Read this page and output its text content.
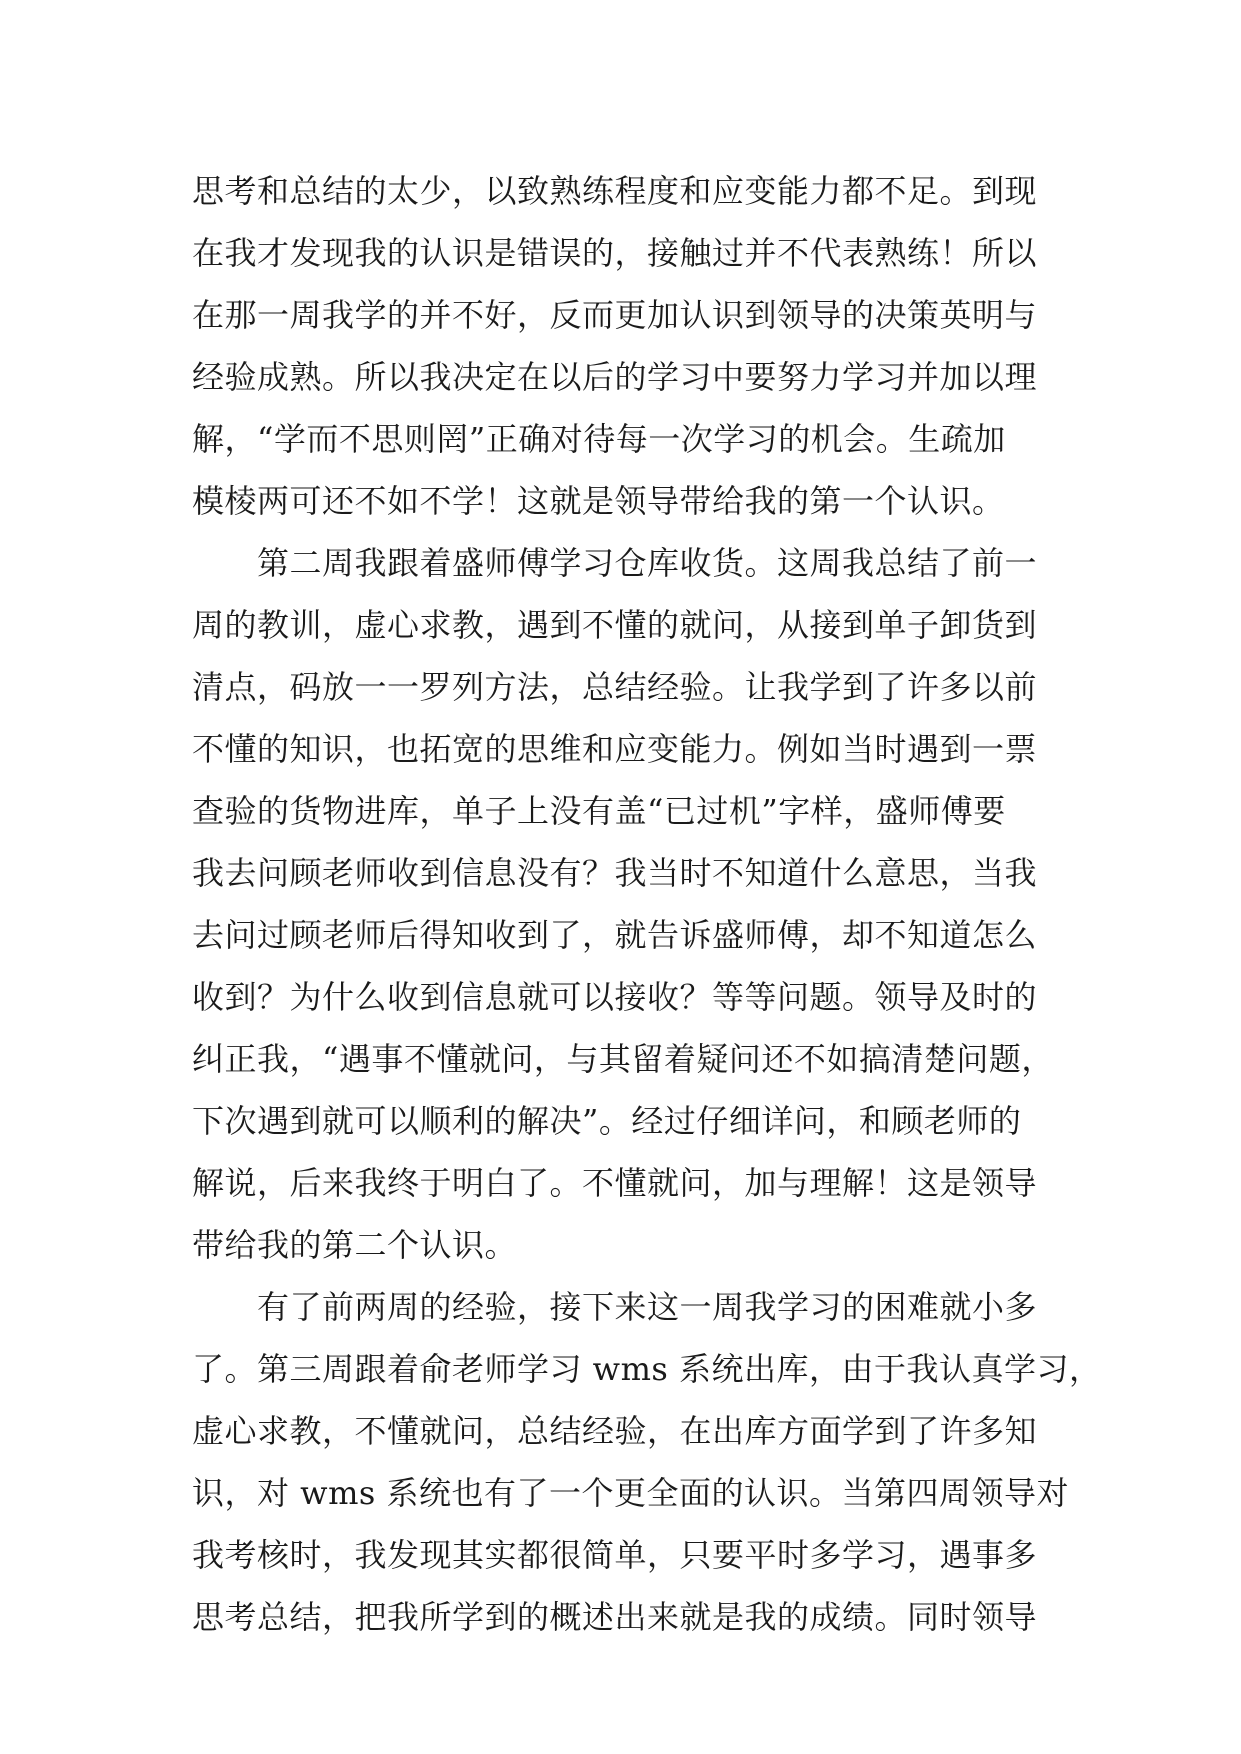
思考和总结的太少，以致熟练程度和应变能力都不足。到现
在我才发现我的认识是错误的，接触过并不代表熟练！所以
在那一周我学的并不好，反而更加认识到领导的决策英明与
经验成熟。所以我决定在以后的学习中要努力学习并加以理
解，“学而不思则罔”正确对待每一次学习的机会。生疏加
模棱两可还不如不学！这就是领导带给我的第一个认识。
　　第二周我跟着盛师傅学习仓库收货。这周我总结了前一
周的教训，虚心求教，遇到不懂的就问，从接到单子卸货到
清点，码放一一罗列方法，总结经验。让我学到了许多以前
不懂的知识，也拓宽的思维和应变能力。例如当时遇到一票
查验的货物进库，单子上没有盖“已过机”字样，盛师傅要
我去问顾老师收到信息没有？我当时不知道什么意思，当我
去问过顾老师后得知收到了，就告诉盛师傅，却不知道怎么
收到？为什么收到信息就可以接收？等等问题。领导及时的
纠正我，“遇事不懂就问，与其留着疑问还不如搞清楚问题，
下次遇到就可以顺利的解决”。经过仔细详问，和顾老师的
解说，后来我终于明白了。不懂就问，加与理解！这是领导
带给我的第二个认识。
　　有了前两周的经验，接下来这一周我学习的困难就小多
了。第三周跟着俞老师学习 wms 系统出库，由于我认真学习，
虚心求教，不懂就问，总结经验，在出库方面学到了许多知
识，对 wms 系统也有了一个更全面的认识。当第四周领导对
我考核时，我发现其实都很简单，只要平时多学习，遇事多
思考总结，把我所学到的概述出来就是我的成绩。同时领导
